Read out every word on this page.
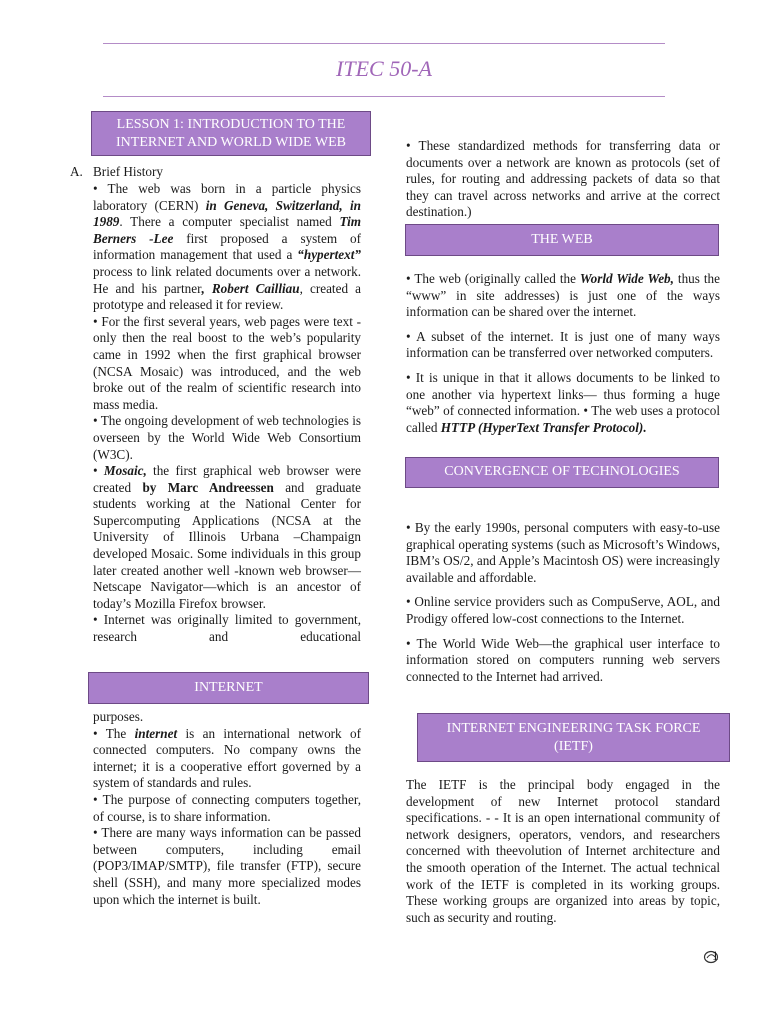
ITEC 50-A
LESSON 1: INTRODUCTION TO THE INTERNET AND WORLD WIDE WEB
A. Brief History

• The web was born in a particle physics laboratory (CERN) in Geneva, Switzerland, in 1989. There a computer specialist named Tim Berners -Lee first proposed a system of information management that used a “hypertext” process to link related documents over a network. He and his partner, Robert Cailliau, created a prototype and released it for review.

• For the first several years, web pages were text -only then the real boost to the web’s popularity came in 1992 when the first graphical browser (NCSA Mosaic) was introduced, and the web broke out of the realm of scientific research into mass media.

• The ongoing development of web technologies is overseen by the World Wide Web Consortium (W3C).

• Mosaic, the first graphical web browser were created by Marc Andreessen and graduate students working at the National Center for Supercomputing Applications (NCSA at the University of Illinois Urbana –Champaign developed Mosaic. Some individuals in this group later created another well -known web browser—Netscape Navigator—which is an ancestor of today’s Mozilla Firefox browser.

• Internet was originally limited to government, research and educational

INTERNET

purposes.

• The internet is an international network of connected computers. No company owns the internet; it is a cooperative effort governed by a system of standards and rules.

• The purpose of connecting computers together, of course, is to share information.

• There are many ways information can be passed between computers, including email (POP3/IMAP/SMTP), file transfer (FTP), secure shell (SSH), and many more specialized modes upon which the internet is built.

• These standardized methods for transferring data or documents over a network are known as protocols (set of rules, for routing and addressing packets of data so that they can travel across networks and arrive at the correct destination.)
THE WEB

• The web (originally called the World Wide Web, thus the “www” in site addresses) is just one of the ways information can be shared over the internet.

• A subset of the internet. It is just one of many ways information can be transferred over networked computers.

• It is unique in that it allows documents to be linked to one another via hypertext links— thus forming a huge “web” of connected information. • The web uses a protocol called HTTP (HyperText Transfer Protocol).

CONVERGENCE OF TECHNOLOGIES

• By the early 1990s, personal computers with easy-to-use graphical operating systems (such as Microsoft’s Windows, IBM’s OS/2, and Apple’s Macintosh OS) were increasingly available and affordable.

• Online service providers such as CompuServe, AOL, and Prodigy offered low-cost connections to the Internet.

• The World Wide Web—the graphical user interface to information stored on computers running web servers connected to the Internet had arrived.

INTERNET ENGINEERING TASK FORCE (IETF)

The IETF is the principal body engaged in the development of new Internet protocol standard specifications. - - It is an open international community of network designers, operators, vendors, and researchers concerned with theevolution of Internet architecture and the smooth operation of the Internet. The actual technical work of the IETF is completed in its working groups. These working groups are organized into areas by topic, such as security and routing.

1
